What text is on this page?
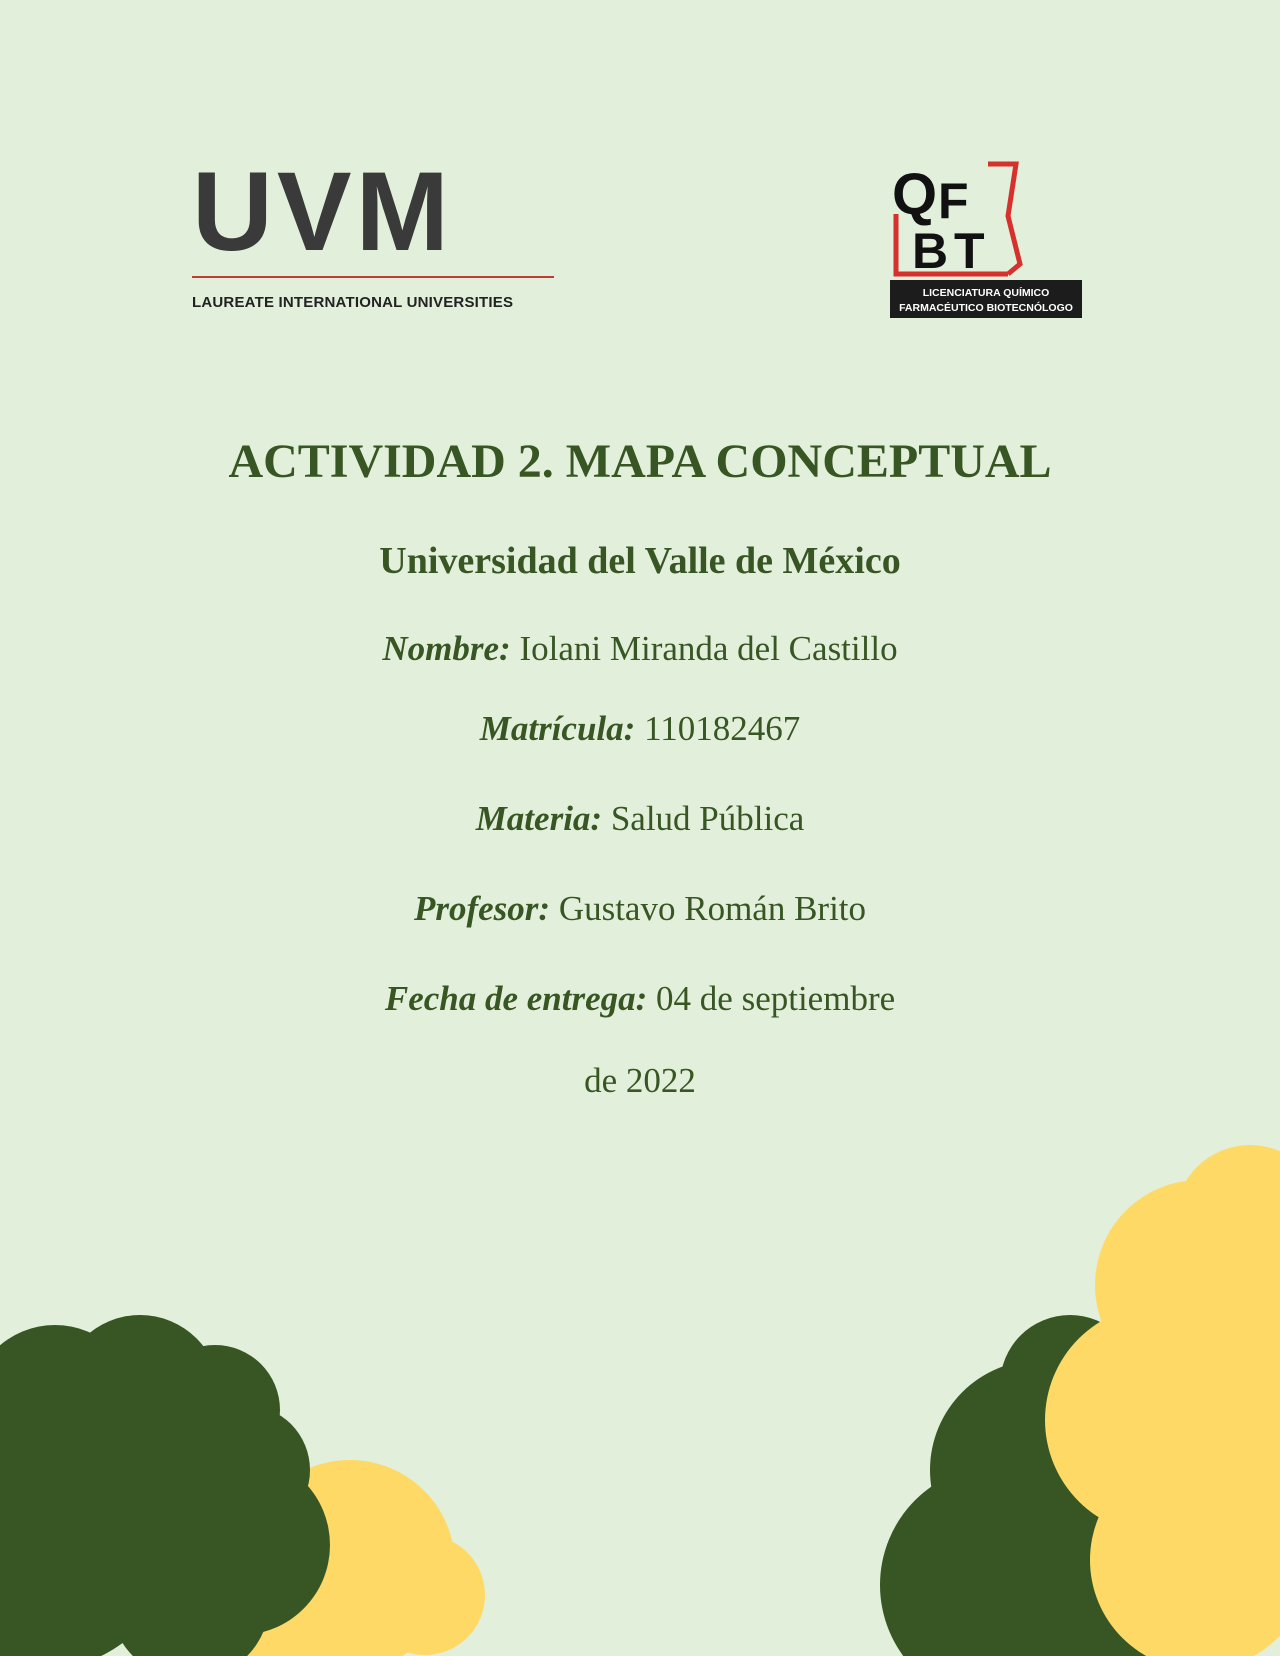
UVM
LAUREATE INTERNATIONAL UNIVERSITIES
Q F
B T
LICENCIATURA QUÍMICO
FARMACÉUTICO BIOTECNÓLOGO
ACTIVIDAD 2. MAPA CONCEPTUAL
Universidad del Valle de México
Nombre: Iolani Miranda del Castillo
Matrícula: 110182467
Materia: Salud Pública
Profesor: Gustavo Román Brito
Fecha de entrega: 04 de septiembre
de 2022
